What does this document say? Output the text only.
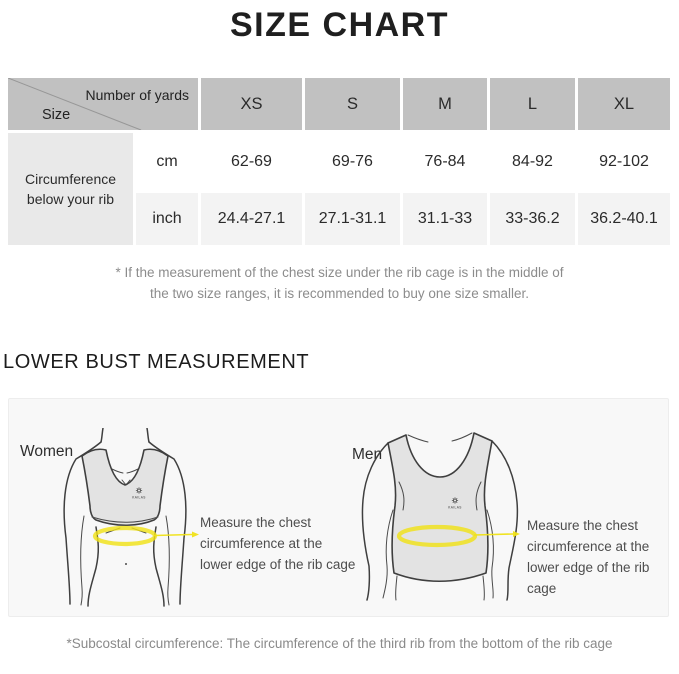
SIZE CHART
Number of yards
Size
XS	S	M	L	XL
Circumference below your rib
cm	62-69	69-76	76-84	84-92	92-102
inch	24.4-27.1	27.1-31.1	31.1-33	33-36.2	36.2-40.1
* If the measurement of the chest size under the rib cage is in the middle of
the two size ranges, it is recommended to buy one size smaller.
LOWER BUST MEASUREMENT
Women	Men
KAILAS
KAILAS
Measure the chest
circumference at the
lower edge of the rib cage
Measure the chest
circumference at the
lower edge of the rib cage
*Subcostal circumference: The circumference of the third rib from the bottom of the rib cage
